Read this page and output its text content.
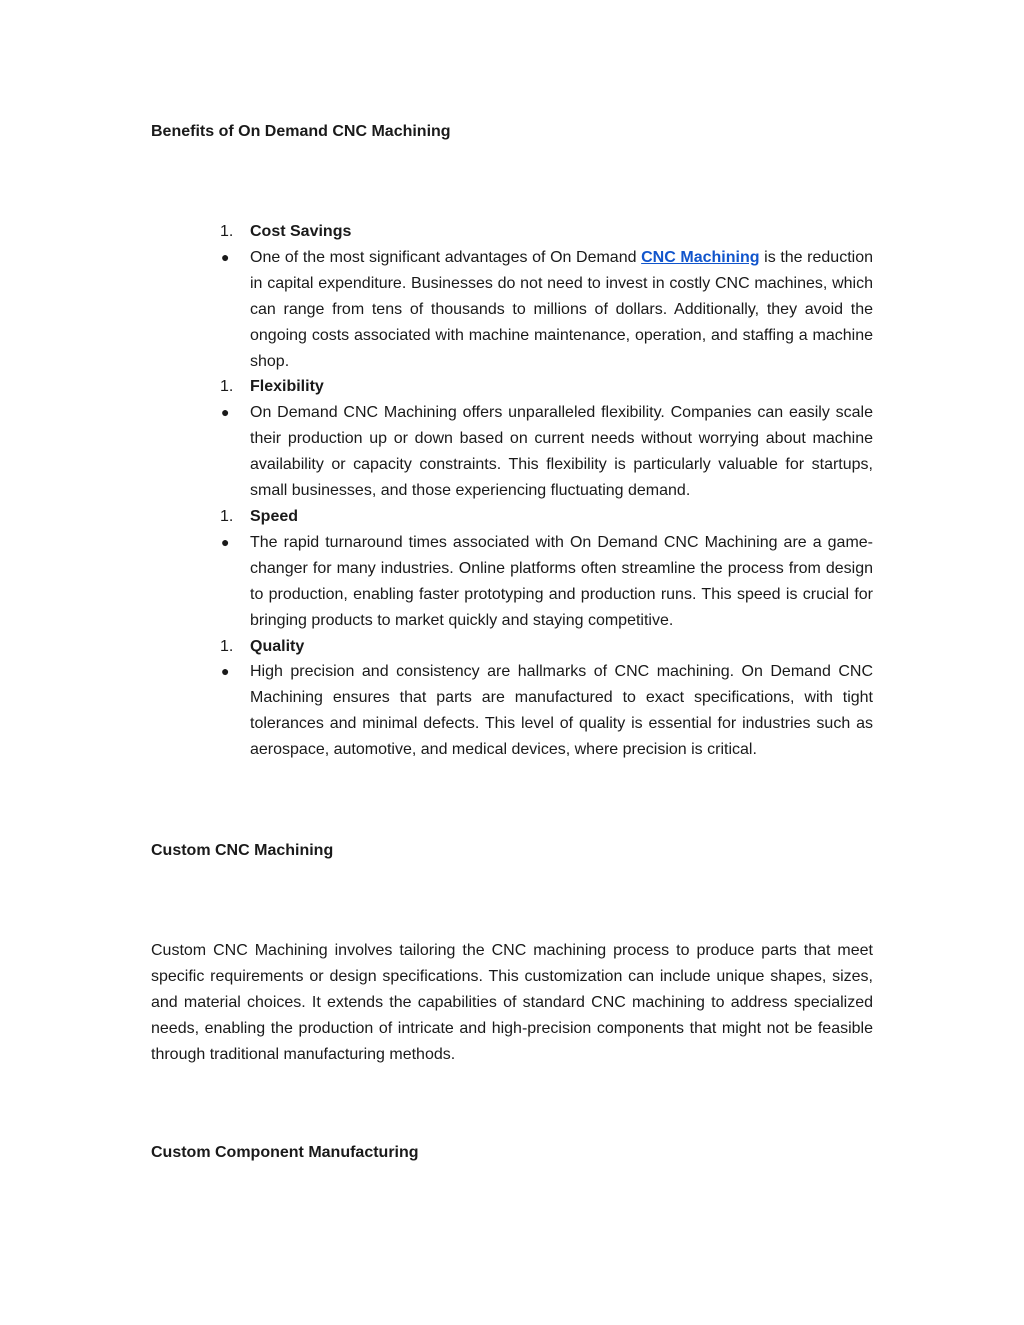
Benefits of On Demand CNC Machining
1.	Cost Savings
●	One of the most significant advantages of On Demand CNC Machining is the reduction in capital expenditure. Businesses do not need to invest in costly CNC machines, which can range from tens of thousands to millions of dollars. Additionally, they avoid the ongoing costs associated with machine maintenance, operation, and staffing a machine shop.
1.	Flexibility
●	On Demand CNC Machining offers unparalleled flexibility. Companies can easily scale their production up or down based on current needs without worrying about machine availability or capacity constraints. This flexibility is particularly valuable for startups, small businesses, and those experiencing fluctuating demand.
1.	Speed
●	The rapid turnaround times associated with On Demand CNC Machining are a game-changer for many industries. Online platforms often streamline the process from design to production, enabling faster prototyping and production runs. This speed is crucial for bringing products to market quickly and staying competitive.
1.	Quality
●	High precision and consistency are hallmarks of CNC machining. On Demand CNC Machining ensures that parts are manufactured to exact specifications, with tight tolerances and minimal defects. This level of quality is essential for industries such as aerospace, automotive, and medical devices, where precision is critical.
Custom CNC Machining

Custom CNC Machining involves tailoring the CNC machining process to produce parts that meet specific requirements or design specifications. This customization can include unique shapes, sizes, and material choices. It extends the capabilities of standard CNC machining to address specialized needs, enabling the production of intricate and high-precision components that might not be feasible through traditional manufacturing methods.

Custom Component Manufacturing
